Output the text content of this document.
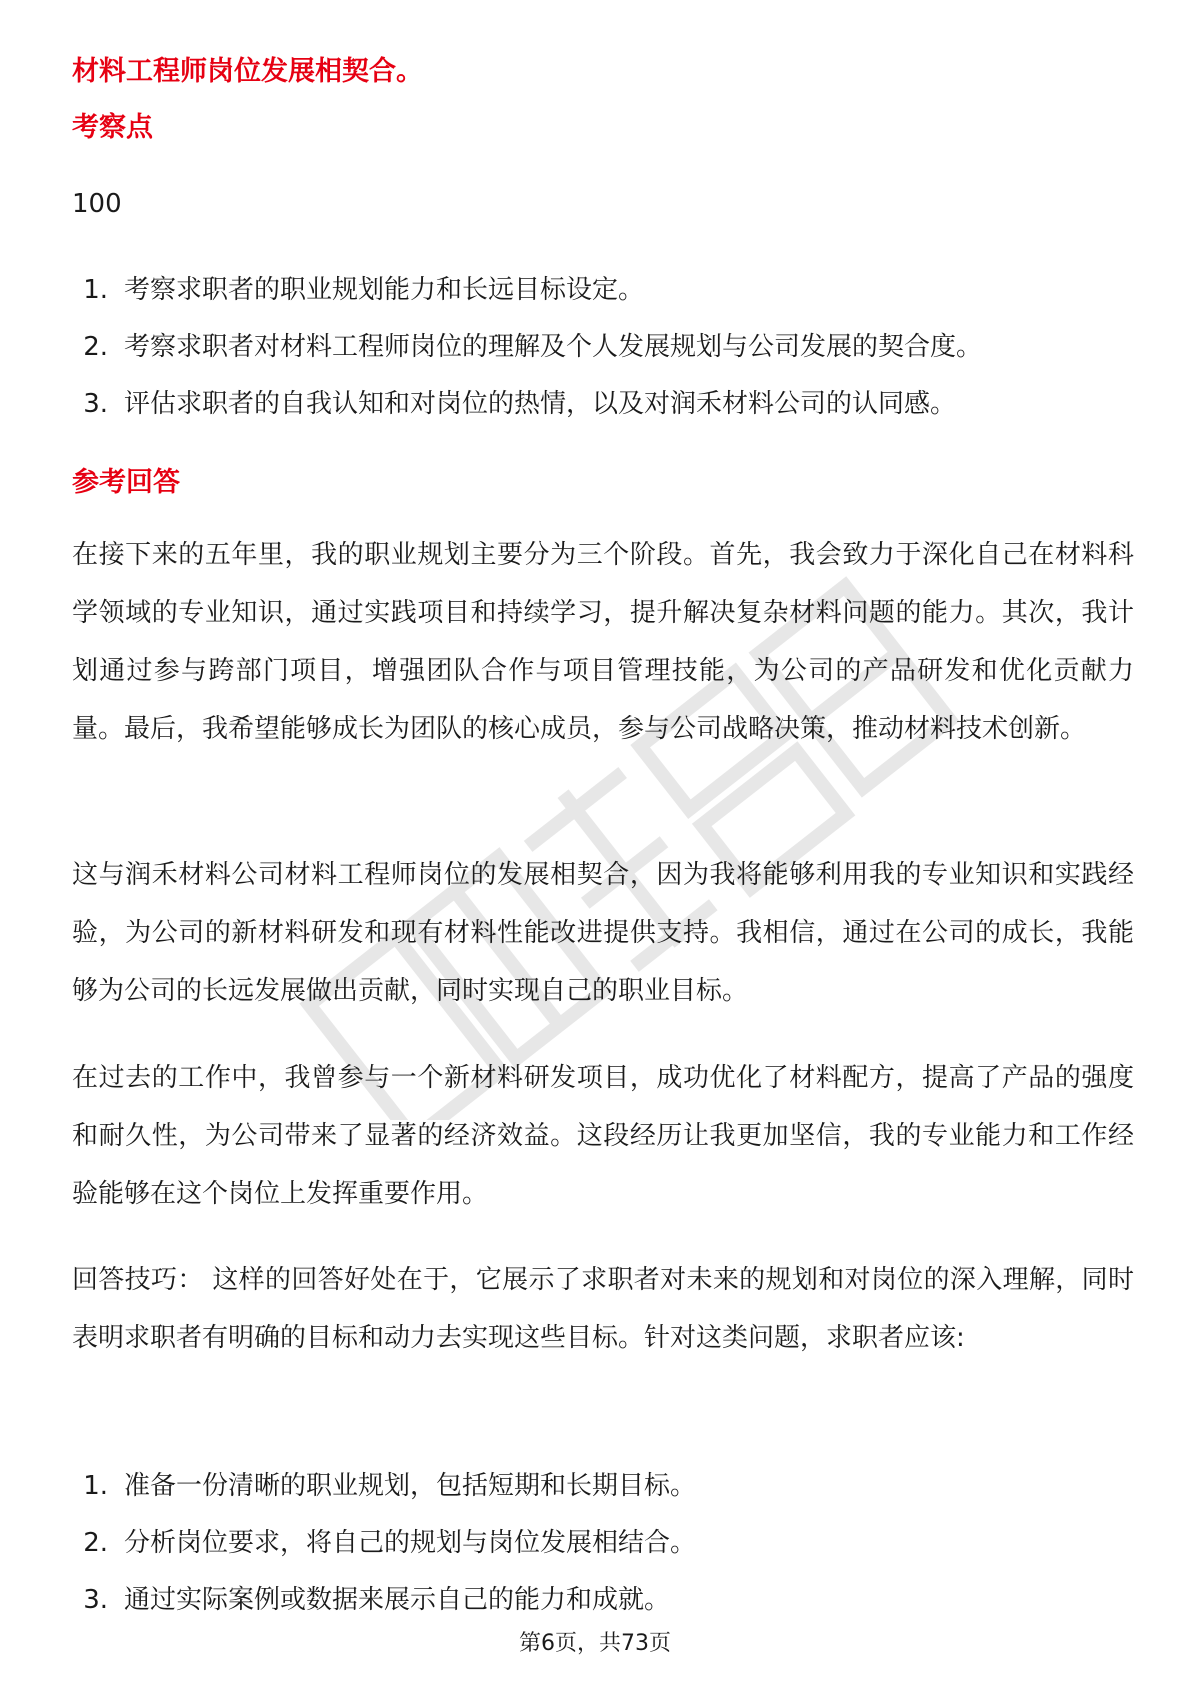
材料工程师岗位发展相契合。
考察点
100
1. 考察求职者的职业规划能力和长远目标设定。
2. 考察求职者对材料工程师岗位的理解及个人发展规划与公司发展的契合度。
3. 评估求职者的自我认知和对岗位的热情，以及对润禾材料公司的认同感。
参考回答

在接下来的五年里，我的职业规划主要分为三个阶段。首先，我会致力于深化自己在材料科学领域的专业知识，通过实践项目和持续学习，提升解决复杂材料问题的能力。其次，我计划通过参与跨部门项目，增强团队合作与项目管理技能，为公司的产品研发和优化贡献力量。最后，我希望能够成长为团队的核心成员，参与公司战略决策，推动材料技术创新。

这与润禾材料公司材料工程师岗位的发展相契合，因为我将能够利用我的专业知识和实践经验，为公司的新材料研发和现有材料性能改进提供支持。我相信，通过在公司的成长，我能够为公司的长远发展做出贡献，同时实现自己的职业目标。

在过去的工作中，我曾参与一个新材料研发项目，成功优化了材料配方，提高了产品的强度和耐久性，为公司带来了显著的经济效益。这段经历让我更加坚信，我的专业能力和工作经验能够在这个岗位上发挥重要作用。

回答技巧： 这样的回答好处在于，它展示了求职者对未来的规划和对岗位的深入理解，同时表明求职者有明确的目标和动力去实现这些目标。针对这类问题，求职者应该:

1. 准备一份清晰的职业规划，包括短期和长期目标。
2. 分析岗位要求，将自己的规划与岗位发展相结合。
3. 通过实际案例或数据来展示自己的能力和成就。
第6页，共73页
